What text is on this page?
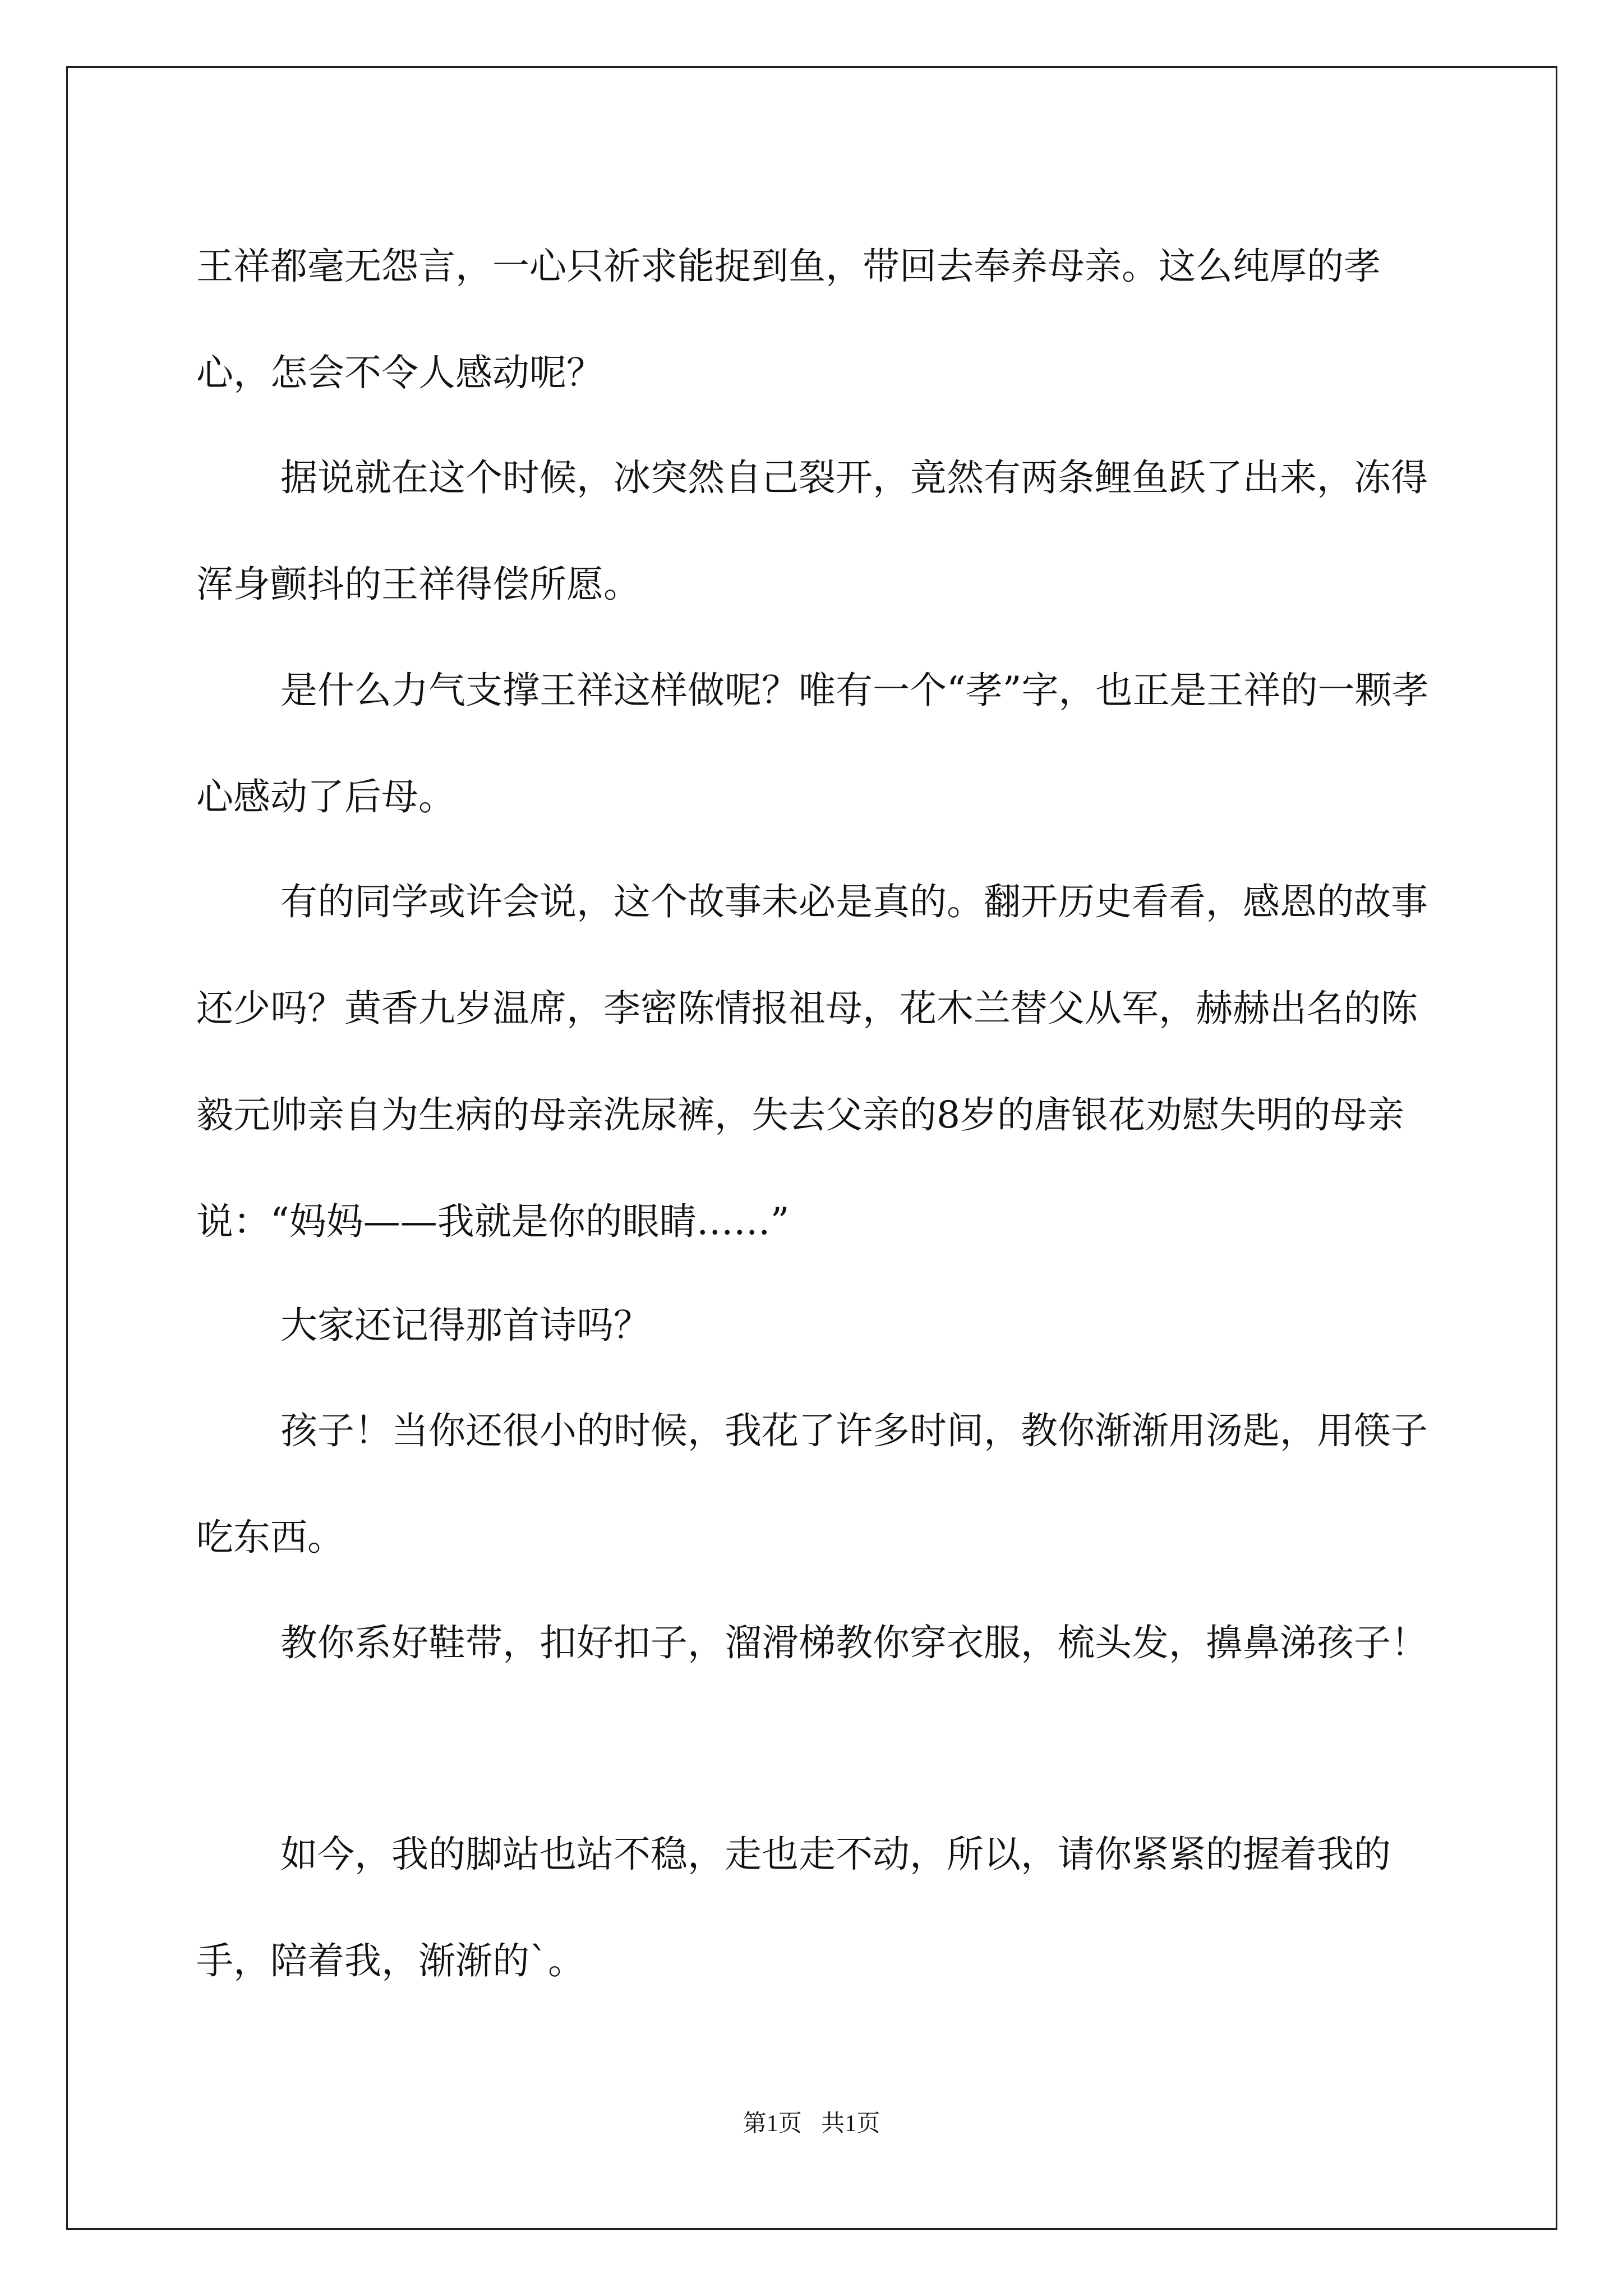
王祥都毫无怨言，一心只祈求能捉到鱼，带回去奉养母亲。这么纯厚的孝心，怎会不令人感动呢？

据说就在这个时候，冰突然自己裂开，竟然有两条鲤鱼跃了出来，冻得浑身颤抖的王祥得偿所愿。

是什么力气支撑王祥这样做呢？唯有一个“孝”字，也正是王祥的一颗孝心感动了后母。

有的同学或许会说，这个故事未必是真的。翻开历史看看，感恩的故事还少吗？黄香九岁温席，李密陈情报祖母，花木兰替父从军，赫赫出名的陈毅元帅亲自为生病的母亲洗尿裤，失去父亲的8岁的唐银花劝慰失明的母亲说：“妈妈——我就是你的眼睛……”

大家还记得那首诗吗？

孩子！当你还很小的时候，我花了许多时间，教你渐渐用汤匙，用筷子吃东西。

教你系好鞋带，扣好扣子，溜滑梯教你穿衣服，梳头发，擤鼻涕孩子！

如今，我的脚站也站不稳，走也走不动，所以，请你紧紧的握着我的手，陪着我，渐渐的`。

第1页 共1页
